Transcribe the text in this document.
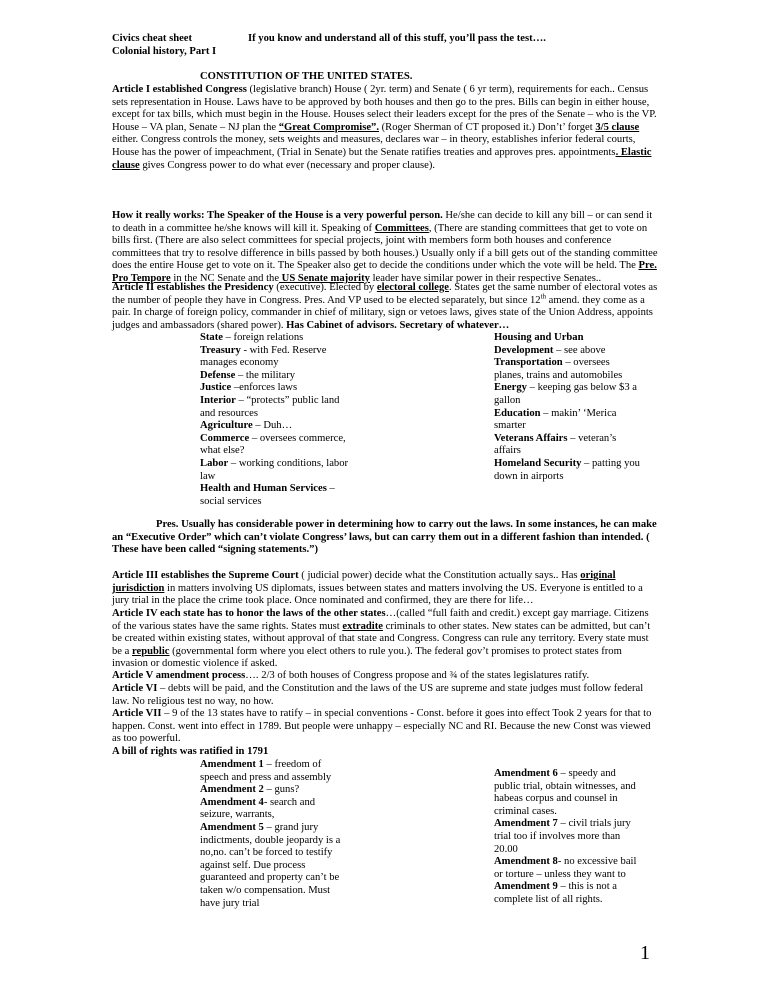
Civics cheat sheet	If you know and understand all of this stuff, you’ll pass the test….
Colonial history, Part I
CONSTITUTION OF THE UNITED STATES.
Article I established Congress (legislative branch) House ( 2yr. term) and Senate ( 6 yr term), requirements for each.. Census sets representation in House. Laws have to be approved by both houses and then go to the pres. Bills can begin in either house, except for tax bills, which must begin in the House. Houses select their leaders except for the pres of the Senate – who is the VP. House – VA plan, Senate – NJ plan the “Great Compromise”. (Roger Sherman of CT proposed it.) Don’t’ forget 3/5 clause either. Congress controls the money, sets weights and measures, declares war – in theory, establishes inferior federal courts, House has the power of impeachment, (Trial in Senate) but the Senate ratifies treaties and approves pres. appointments. Elastic clause gives Congress power to do what ever (necessary and proper clause).
How it really works: The Speaker of the House is a very powerful person. He/she can decide to kill any bill – or can send it to death in a committee he/she knows will kill it. Speaking of Committees, (There are standing committees that get to vote on bills first. (There are also select committees for special projects, joint with members form both houses and conference committees that try to resolve difference in bills passed by both houses.) Usually only if a bill gets out of the standing committee does the entire House get to vote on it. The Speaker also get to decide the conditions under which the vote will be held. The Pre. Pro Tempore in the NC Senate and the US Senate majority leader have similar power in their respective Senates..
Article II establishes the Presidency (executive). Elected by electoral college. States get the same number of electoral votes as the number of people they have in Congress. Pres. And VP used to be elected separately, but since 12th amend. they come as a pair. In charge of foreign policy, commander in chief of military, sign or vetoes laws, gives state of the Union Address, appoints judges and ambassadors (shared power). Has Cabinet of advisors. Secretary of whatever…
State – foreign relations
Treasury - with Fed. Reserve
manages economy
Defense – the military
Justice –enforces laws
Interior – “protects” public land
and resources
Agriculture – Duh…
Commerce – oversees commerce,
what else?
Labor – working conditions, labor
law
Health and Human Services –
social services
Housing and Urban
Development – see above
Transportation – oversees
planes, trains and automobiles
Energy – keeping gas below $3 a
gallon
Education – makin’ ‘Merica
smarter
Veterans Affairs – veteran’s
affairs
Homeland Security – patting you
down in airports
Pres. Usually has considerable power in determining how to carry out the laws. In some instances, he can make an “Executive Order” which can’t violate Congress’ laws, but can carry them out in a different fashion than intended. ( These have been called “signing statements.”)
Article III establishes the Supreme Court ( judicial power) decide what the Constitution actually says.. Has original jurisdiction in matters involving US diplomats, issues between states and matters involving the US. Everyone is entitled to a jury trial in the place the crime took place. Once nominated and confirmed, they are there for life…
Article IV each state has to honor the laws of the other states…(called “full faith and credit.) except gay marriage. Citizens of the various states have the same rights. States must extradite criminals to other states. New states can be admitted, but can’t be created within existing states, without approval of that state and Congress. Congress can rule any territory. Every state must be a republic (governmental form where you elect others to rule you.). The federal gov’t promises to protect states from invasion or domestic violence if asked.
Article V amendment process…. 2/3 of both houses of Congress propose and ¾ of the states legislatures ratify.
Article VI – debts will be paid, and the Constitution and the laws of the US are supreme and state judges must follow federal law. No religious test no way, no how.
Article VII – 9 of the 13 states have to ratify – in special conventions - Const. before it goes into effect Took 2 years for that to happen. Const. went into effect in 1789. But people were unhappy – especially NC and RI. Because the new Const was viewed as too powerful.
A bill of rights was ratified in 1791
Amendment 1 – freedom of
speech and press and assembly
Amendment 2 – guns?
Amendment 4- search and
seizure, warrants,
Amendment 5 – grand jury
indictments, double jeopardy is a
no,no. can’t be forced to testify
against self. Due process
guaranteed and property can’t be
taken w/o compensation. Must
have jury trial
Amendment 6 – speedy and
public trial, obtain witnesses, and
habeas corpus and counsel in
criminal cases.
Amendment 7 – civil trials jury
trial too if involves more than
20.00
Amendment 8- no excessive bail
or torture – unless they want to
Amendment 9 – this is not a
complete list of all rights.
1
